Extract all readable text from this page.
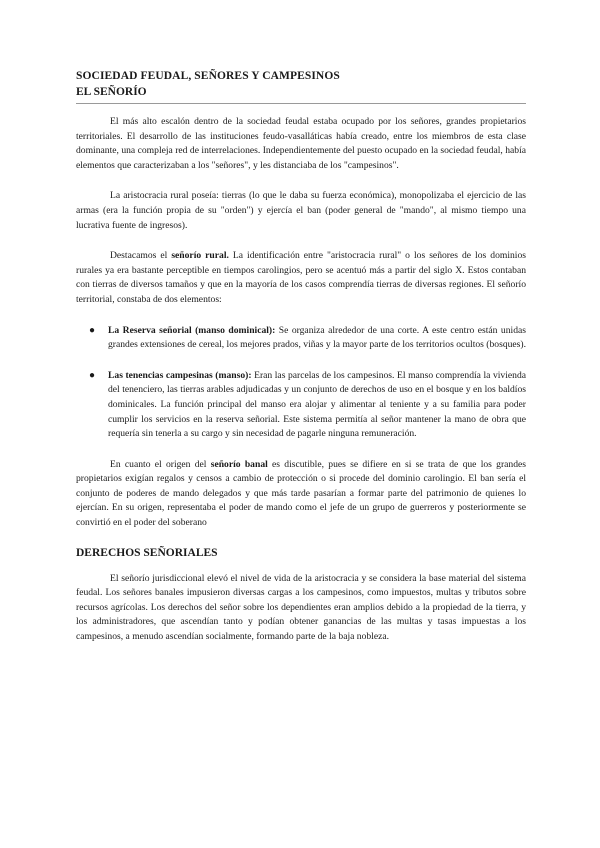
SOCIEDAD FEUDAL, SEÑORES Y CAMPESINOS
EL SEÑORÍO

El más alto escalón dentro de la sociedad feudal estaba ocupado por los señores, grandes propietarios territoriales. El desarrollo de las instituciones feudo-vasalláticas había creado, entre los miembros de esta clase dominante, una compleja red de interrelaciones. Independientemente del puesto ocupado en la sociedad feudal, había elementos que caracterizaban a los "señores", y les distanciaba de los "campesinos".

La aristocracia rural poseía: tierras (lo que le daba su fuerza económica), monopolizaba el ejercicio de las armas (era la función propia de su "orden") y ejercía el ban (poder general de "mando", al mismo tiempo una lucrativa fuente de ingresos).

Destacamos el señorío rural. La identificación entre "aristocracia rural" o los señores de los dominios rurales ya era bastante perceptible en tiempos carolingios, pero se acentuó más a partir del siglo X. Estos contaban con tierras de diversos tamaños y que en la mayoría de los casos comprendía tierras de diversas regiones. El señorío territorial, constaba de dos elementos:

● La Reserva señorial (manso dominical): Se organiza alrededor de una corte. A este centro están unidas grandes extensiones de cereal, los mejores prados, viñas y la mayor parte de los territorios ocultos (bosques).
● Las tenencias campesinas (manso): Eran las parcelas de los campesinos. El manso comprendía la vivienda del tenenciero, las tierras arables adjudicadas y un conjunto de derechos de uso en el bosque y en los baldíos dominicales. La función principal del manso era alojar y alimentar al teniente y a su familia para poder cumplir los servicios en la reserva señorial. Este sistema permitía al señor mantener la mano de obra que requería sin tenerla a su cargo y sin necesidad de pagarle ninguna remuneración.

En cuanto el origen del señorío banal es discutible, pues se difiere en si se trata de que los grandes propietarios exigían regalos y censos a cambio de protección o si procede del dominio carolingio. El ban sería el conjunto de poderes de mando delegados y que más tarde pasarían a formar parte del patrimonio de quienes lo ejercían. En su origen, representaba el poder de mando como el jefe de un grupo de guerreros y posteriormente se convirtió en el poder del soberano

DERECHOS SEÑORIALES

El señorío jurisdiccional elevó el nivel de vida de la aristocracia y se considera la base material del sistema feudal. Los señores banales impusieron diversas cargas a los campesinos, como impuestos, multas y tributos sobre recursos agrícolas. Los derechos del señor sobre los dependientes eran amplios debido a la propiedad de la tierra, y los administradores, que ascendían tanto y podían obtener ganancias de las multas y tasas impuestas a los campesinos, a menudo ascendían socialmente, formando parte de la baja nobleza.
